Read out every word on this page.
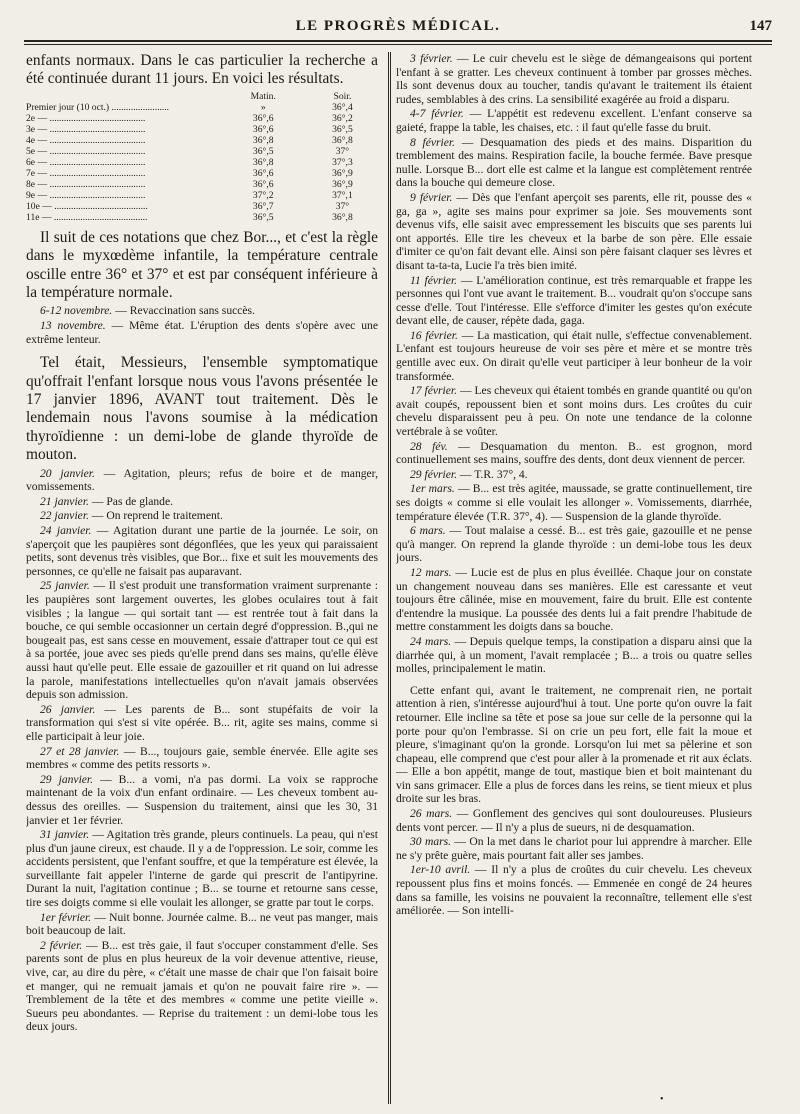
LE PROGRÈS MÉDICAL.	147

enfants normaux. Dans le cas particulier la recherche a été continuée durant 11 jours. En voici les résultats.

	Matin.	Soir.
Premier jour (10 oct.) ........................	»	36°,4
2e — ........................................	36°,6	36°,2
3e — ........................................	36°,6	36°,5
4e — ........................................	36°,8	36°,8
5e — ........................................	36°,5	37°
6e — ........................................	36°,8	37°,3
7e — ........................................	36°,6	36°,9
8e — ........................................	36°,6	36°,9
9e — ........................................	37°,2	37°,1
10e — .......................................	36°,7	37°
11e — .......................................	36°,5	36°,8

Il suit de ces notations que chez Bor..., et c'est la règle dans le myxœdème infantile, la température centrale oscille entre 36° et 37° et est par conséquent inférieure à la température normale.

6-12 novembre. — Revaccination sans succès.

13 novembre. — Même état. L'éruption des dents s'opère avec une extrême lenteur.

Tel était, Messieurs, l'ensemble symptomatique qu'offrait l'enfant lorsque nous vous l'avons présentée le 17 janvier 1896, AVANT tout traitement. Dès le lendemain nous l'avons soumise à la médication thyroïdienne : un demi-lobe de glande thyroïde de mouton.

20 janvier. — Agitation, pleurs; refus de boire et de manger, vomissements.

21 janvier. — Pas de glande.

22 janvier. — On reprend le traitement.

24 janvier. — Agitation durant une partie de la journée. Le soir, on s'aperçoit que les paupières sont dégonflées, que les yeux qui paraissaient petits, sont devenus très visibles, que Bor... fixe et suit les mouvements des personnes, ce qu'elle ne faisait pas auparavant.

25 janvier. — Il s'est produit une transformation vraiment surprenante : les paupières sont largement ouvertes, les globes oculaires tout à fait visibles ; la langue — qui sortait tant — est rentrée tout à fait dans la bouche, ce qui semble occasionner un certain degré d'oppression. B.,qui ne bougeait pas, est sans cesse en mouvement, essaie d'attraper tout ce qui est à sa portée, joue avec ses pieds qu'elle prend dans ses mains, qu'elle élève aussi haut qu'elle peut. Elle essaie de gazouiller et rit quand on lui adresse la parole, manifestations intellectuelles qu'on n'avait jamais observées depuis son admission.

26 janvier. — Les parents de B... sont stupéfaits de voir la transformation qui s'est si vite opérée. B... rit, agite ses mains, comme si elle participait à leur joie.

27 et 28 janvier. — B..., toujours gaie, semble énervée. Elle agite ses membres « comme des petits ressorts ».

29 janvier. — B... a vomi, n'a pas dormi. La voix se rapproche maintenant de la voix d'un enfant ordinaire. — Les cheveux tombent au-dessus des oreilles. — Suspension du traitement, ainsi que les 30, 31 janvier et 1er février.

31 janvier. — Agitation très grande, pleurs continuels. La peau, qui n'est plus d'un jaune cireux, est chaude. Il y a de l'oppression. Le soir, comme les accidents persistent, que l'enfant souffre, et que la température est élevée, la surveillante fait appeler l'interne de garde qui prescrit de l'antipyrine. Durant la nuit, l'agitation continue ; B... se tourne et retourne sans cesse, tire ses doigts comme si elle voulait les allonger, se gratte par tout le corps.

1er février. — Nuit bonne. Journée calme. B... ne veut pas manger, mais boit beaucoup de lait.

2 février. — B... est très gaie, il faut s'occuper constamment d'elle. Ses parents sont de plus en plus heureux de la voir devenue attentive, rieuse, vive, car, au dire du père, « c'était une masse de chair que l'on faisait boire et manger, qui ne remuait jamais et qu'on ne pouvait faire rire ». — Tremblement de la tête et des membres « comme une petite vieille ». Sueurs peu abondantes. — Reprise du traitement : un demi-lobe tous les deux jours.

3 février. — Le cuir chevelu est le siège de démangeaisons qui portent l'enfant à se gratter. Les cheveux continuent à tomber par grosses mèches. Ils sont devenus doux au toucher, tandis qu'avant le traitement ils étaient rudes, semblables à des crins. La sensibilité exagérée au froid a disparu.

4-7 février. — L'appétit est redevenu excellent. L'enfant conserve sa gaieté, frappe la table, les chaises, etc. : il faut qu'elle fasse du bruit.

8 février. — Desquamation des pieds et des mains. Disparition du tremblement des mains. Respiration facile, la bouche fermée. Bave presque nulle. Lorsque B... dort elle est calme et la langue est complètement rentrée dans la bouche qui demeure close.

9 février. — Dès que l'enfant aperçoit ses parents, elle rit, pousse des « ga, ga », agite ses mains pour exprimer sa joie. Ses mouvements sont devenus vifs, elle saisit avec empressement les biscuits que ses parents lui ont apportés. Elle tire les cheveux et la barbe de son père. Elle essaie d'imiter ce qu'on fait devant elle. Ainsi son père faisant claquer ses lèvres et disant ta-ta-ta, Lucie l'a très bien imité.

11 février. — L'amélioration continue, est très remarquable et frappe les personnes qui l'ont vue avant le traitement. B... voudrait qu'on s'occupe sans cesse d'elle. Tout l'intéresse. Elle s'efforce d'imiter les gestes qu'on exécute devant elle, de causer, répète dada, gaga.

16 février. — La mastication, qui était nulle, s'effectue convenablement. L'enfant est toujours heureuse de voir ses père et mère et se montre très gentille avec eux. On dirait qu'elle veut participer à leur bonheur de la voir transformée.

17 février. — Les cheveux qui étaient tombés en grande quantité ou qu'on avait coupés, repoussent bien et sont moins durs. Les croûtes du cuir chevelu disparaissent peu à peu. On note une tendance de la colonne vertébrale à se voûter.

28 fév. — Desquamation du menton. B.. est grognon, mord continuellement ses mains, souffre des dents, dont deux viennent de percer.

29 février. — T.R. 37°, 4.

1er mars. — B... est très agitée, maussade, se gratte continuellement, tire ses doigts « comme si elle voulait les allonger ». Vomissements, diarrhée, température élevée (T.R. 37°, 4). — Suspension de la glande thyroïde.

6 mars. — Tout malaise a cessé. B... est très gaie, gazouille et ne pense qu'à manger. On reprend la glande thyroïde : un demi-lobe tous les deux jours.

12 mars. — Lucie est de plus en plus éveillée. Chaque jour on constate un changement nouveau dans ses manières. Elle est caressante et veut toujours être câlinée, mise en mouvement, faire du bruit. Elle est contente d'entendre la musique. La poussée des dents lui a fait prendre l'habitude de mettre constamment les doigts dans sa bouche.

24 mars. — Depuis quelque temps, la constipation a disparu ainsi que la diarrhée qui, à un moment, l'avait remplacée ; B... a trois ou quatre selles molles, principalement le matin.

Cette enfant qui, avant le traitement, ne comprenait rien, ne portait attention à rien, s'intéresse aujourd'hui à tout. Une porte qu'on ouvre la fait retourner. Elle incline sa tête et pose sa joue sur celle de la personne qui la porte pour qu'on l'embrasse. Si on crie un peu fort, elle fait la moue et pleure, s'imaginant qu'on la gronde. Lorsqu'on lui met sa pèlerine et son chapeau, elle comprend que c'est pour aller à la promenade et rit aux éclats. — Elle a bon appétit, mange de tout, mastique bien et boit maintenant du vin sans grimacer. Elle a plus de forces dans les reins, se tient mieux et plus droite sur les bras.

26 mars. — Gonflement des gencives qui sont douloureuses. Plusieurs dents vont percer. — Il n'y a plus de sueurs, ni de desquamation.

30 mars. — On la met dans le chariot pour lui apprendre à marcher. Elle ne s'y prête guère, mais pourtant fait aller ses jambes.

1er-10 avril. — Il n'y a plus de croûtes du cuir chevelu. Les cheveux repoussent plus fins et moins foncés. — Emmenée en congé de 24 heures dans sa famille, les voisins ne pouvaient la reconnaître, tellement elle s'est améliorée. — Son intelli-

•
